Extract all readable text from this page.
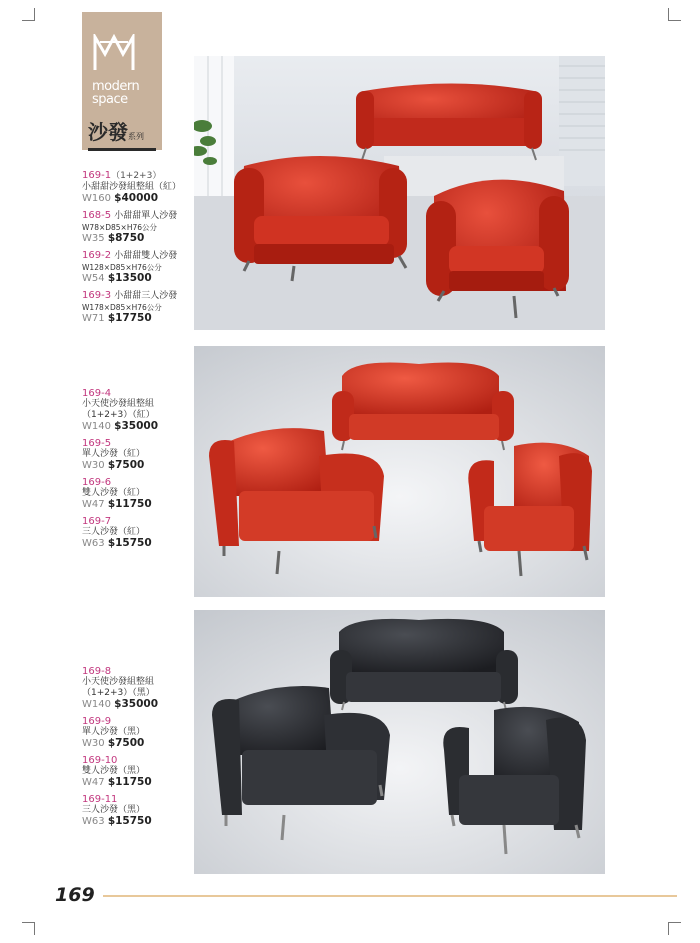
modern
space
沙發系列
169-1（1+2+3）
小甜甜沙發組整組（紅）
W160 $40000
168-5 小甜甜單人沙發
W78×D85×H76公分
W35 $8750
169-2 小甜甜雙人沙發
W128×D85×H76公分
W54 $13500
169-3 小甜甜三人沙發
W178×D85×H76公分
W71 $17750
169-4
小天使沙發組整組
（1+2+3）（紅）
W140 $35000
169-5
單人沙發（紅）
W30 $7500
169-6
雙人沙發（紅）
W47 $11750
169-7
三人沙發（紅）
W63 $15750
169-8
小天使沙發組整組
（1+2+3）（黑）
W140 $35000
169-9
單人沙發（黑）
W30 $7500
169-10
雙人沙發（黑）
W47 $11750
169-11
三人沙發（黑）
W63 $15750
169
